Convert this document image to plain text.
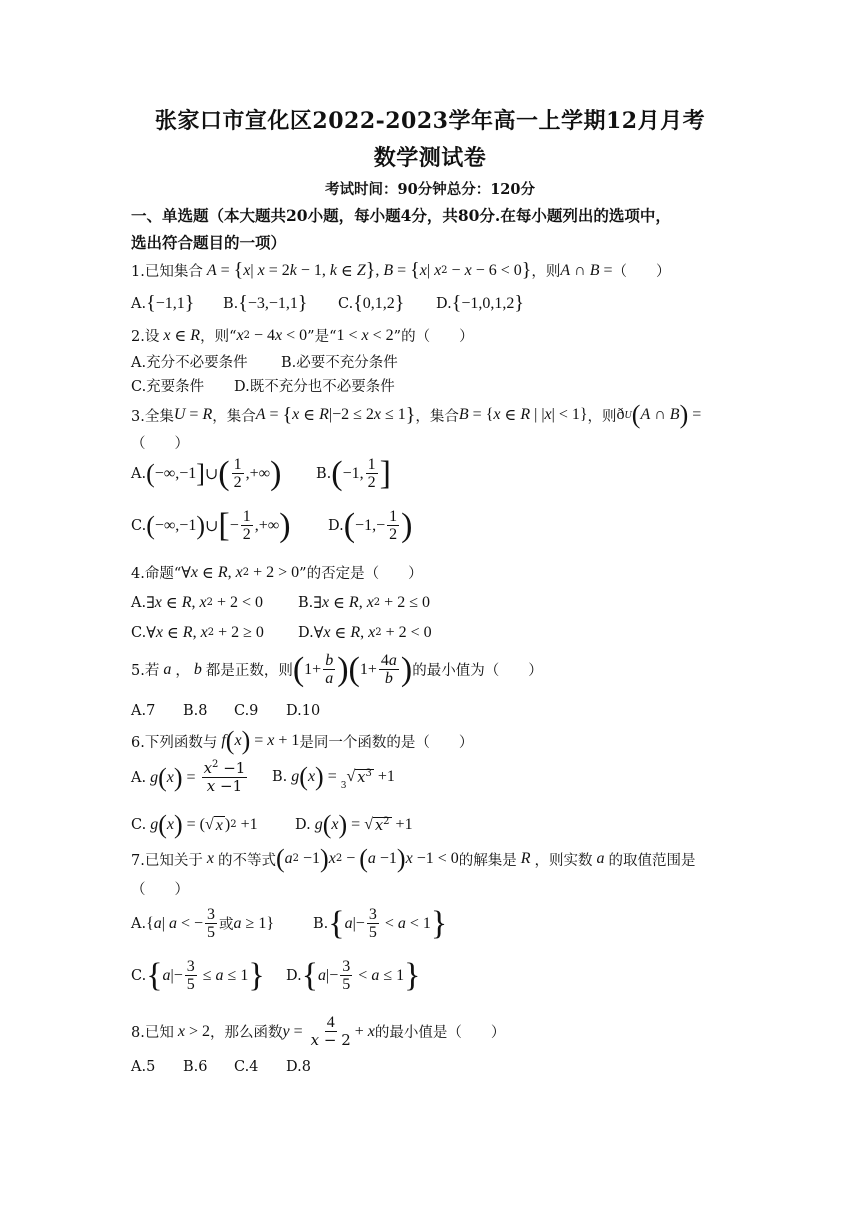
张家口市宣化区2022-2023学年高一上学期12月月考
数学测试卷
考试时间：90分钟总分：120分
一、单选题（本大题共20小题，每小题4分，共80分.在每小题列出的选项中，
选出符合题目的一项）
1.已知集合 A = { x | x = 2 k − 1, k ∈ Z } , B = { x | x 2 − x − 6 < 0 } ，则 A ∩ B = （　　）
A. { −1,1 } B. { −3,−1,1 } C. { 0,1,2 } D. { −1,0,1,2 }
2.设 x ∈ R ，则“ x 2 − 4 x < 0 ”是“ 1 < x < 2 ”的（　　）
A.充分不必要条件 B.必要不充分条件
C.充要条件 D.既不充分也不必要条件
3.全集 U = R ，集合 A = { x ∈ R |−2 ≤ 2 x ≤ 1 } ，集合 B = { x ∈ R | | x | < 1} ，则 ð U ( A ∩ B ) =
（　　）
A. ( −∞,−1 ] ∪ ( $\frac{1}{2}$ ,+∞ ) B. ( −1, $\frac{1}{2}$ ]
C. ( −∞,−1 ) ∪ [ − $\frac{1}{2}$ ,+∞ )	D. ( $-1,- \frac{1}{2}$ )
4.命题“ ∀ x ∈ R , x 2 + 2 > 0 ”的否定是（　　）
A. ∃ x ∈ R , x 2 + 2 < 0 B. ∃ x ∈ R , x 2 + 2 ≤ 0
C. ∀ x ∈ R , x 2 + 2 ≥ 0 D. ∀ x ∈ R , x 2 + 2 < 0
5.若 a ， b 都是正数，则 ( $1+ \frac{b}{a}$ ) ( $1+ \frac{4a}{b}$ ) 的最小值为（　　）
A.7 B.8 C.9 D.10
6.下列函数与 f ( x ) = x + 1 是同一个函数的是（　　）
A. g ( x ) = $\frac{x^2 -1}{x -1} B$. g ( x ) =
3
√ $x^3 +1$
C. g ( x ) = (√ x ) 2 +1	D. g ( x ) = √ $x^2 +1$
7.已知关于 x 的不等式 ( a 2 −1 ) x 2 − ( a −1 ) x −1 < 0 的解集是 R ，则实数 a 的取值范围是
（　　）
A. { a | a < − $\frac{3}{5}$ 或 a ≥ 1}	B. { a |− $\frac{3}{5} < a < 1$ }
C. { a |− $\frac{3}{5} \le a \le 1$ } D. { a |− $\frac{3}{5} < a \le 1$ }
8.已知 x > 2 ，那么函数 $y = \frac{4}{x - 2} + x$ 的最小值是（　　）
A.5 B.6 C.4 D.8
